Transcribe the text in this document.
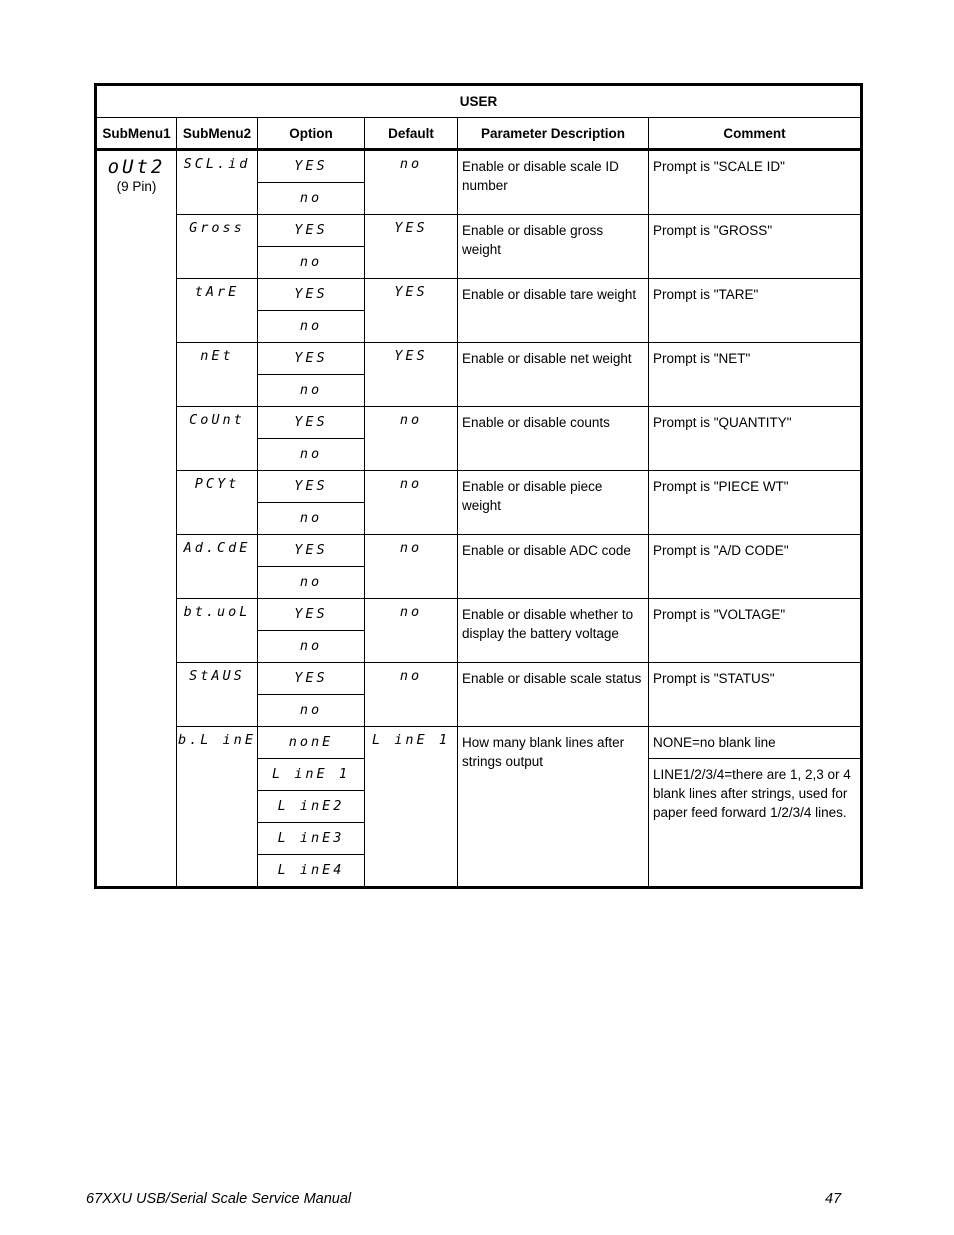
USER					
SubMenu1	SubMenu2	Option	Default	Parameter Description	Comment

oUt2
(9 Pin)	SCL.id	YES	no	Enable or disable scale ID number	Prompt is "SCALE ID"
		no			
	Gross	YES	YES	Enable or disable gross weight	Prompt is "GROSS"
		no			
	tArE	YES	YES	Enable or disable tare weight	Prompt is "TARE"
		no			
	nEt	YES	YES	Enable or disable net weight	Prompt is "NET"
		no			
	CoUnt	YES	no	Enable or disable counts	Prompt is "QUANTITY"
		no			
	PCYt	YES	no	Enable or disable piece weight	Prompt is "PIECE WT"
		no			
	Ad.CdE	YES	no	Enable or disable ADC code	Prompt is "A/D CODE"
		no			
	bt.uoL	YES	no	Enable or disable whether to display the battery voltage	Prompt is "VOLTAGE"
		no			
	StAUS	YES	no	Enable or disable scale status	Prompt is "STATUS"
		no			
	b.L inE	nonE	L inE 1	How many blank lines after strings output	NONE=no blank line
		L inE 1			LINE1/2/3/4=there are 1, 2,3 or 4 blank lines after strings, used for paper feed forward 1/2/3/4 lines.
		L inE2			
		L inE3			
		L inE4			
67XXU USB/Serial Scale Service Manual	47
